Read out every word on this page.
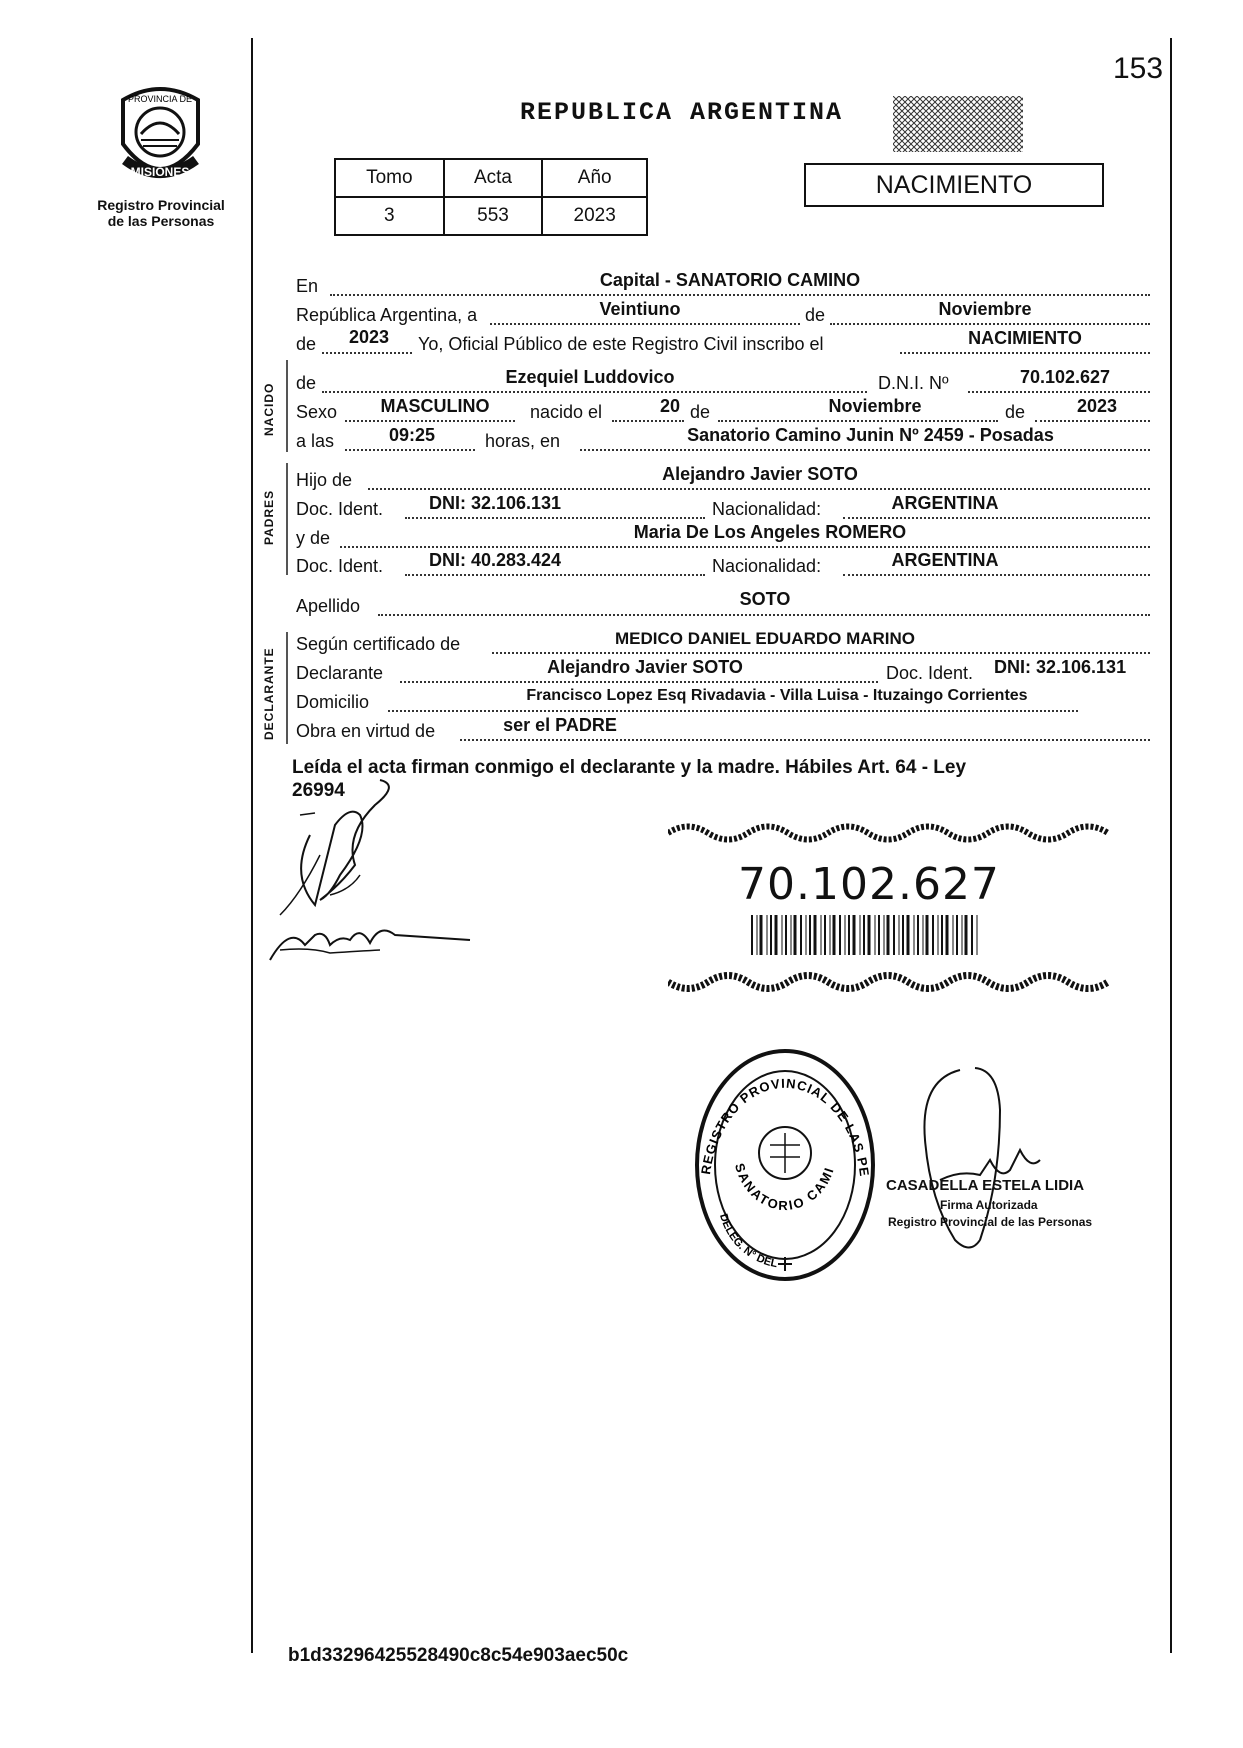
153
PROVINCIA DE
MISIONES
Registro Provincial
de las Personas
REPUBLICA ARGENTINA
Tomo	Acta	Año
3	553	2023
NACIMIENTO
En	Capital - SANATORIO CAMINO
República Argentina, a	Veintiuno	de	Noviembre
de	2023	Yo, Oficial Público de este Registro Civil inscribo el	NACIMIENTO
NACIDO de	Ezequiel Luddovico	D.N.I. Nº	70.102.627
Sexo	MASCULINO	nacido el	20 de	Noviembre	de	2023
a las	09:25	horas, en	Sanatorio Camino Junin Nº 2459 - Posadas
PADRES
Hijo de	Alejandro Javier SOTO
Doc. Ident.	DNI: 32.106.131	Nacionalidad:	ARGENTINA
y de	Maria De Los Angeles ROMERO
Doc. Ident.	DNI: 40.283.424	Nacionalidad:	ARGENTINA
Apellido	SOTO
DECLARANTE
Según certificado de	MEDICO DANIEL EDUARDO MARINO
Declarante	Alejandro Javier SOTO	Doc. Ident. DNI: 32.106.131
Domicilio	Francisco Lopez Esq Rivadavia - Villa Luisa - Ituzaingo Corrientes
Obra en virtud de	ser el PADRE
Leída el acta firman conmigo el declarante y la madre. Hábiles Art. 64 - Ley
26994
70.102.627
REGISTRO PROVINCIAL DE LAS PE
DELEG. N° DEL
SANATORIO CAMI
CASADELLA ESTELA LIDIA
Firma Autorizada
Registro Provincial de las Personas
b1d33296425528490c8c54e903aec50c
